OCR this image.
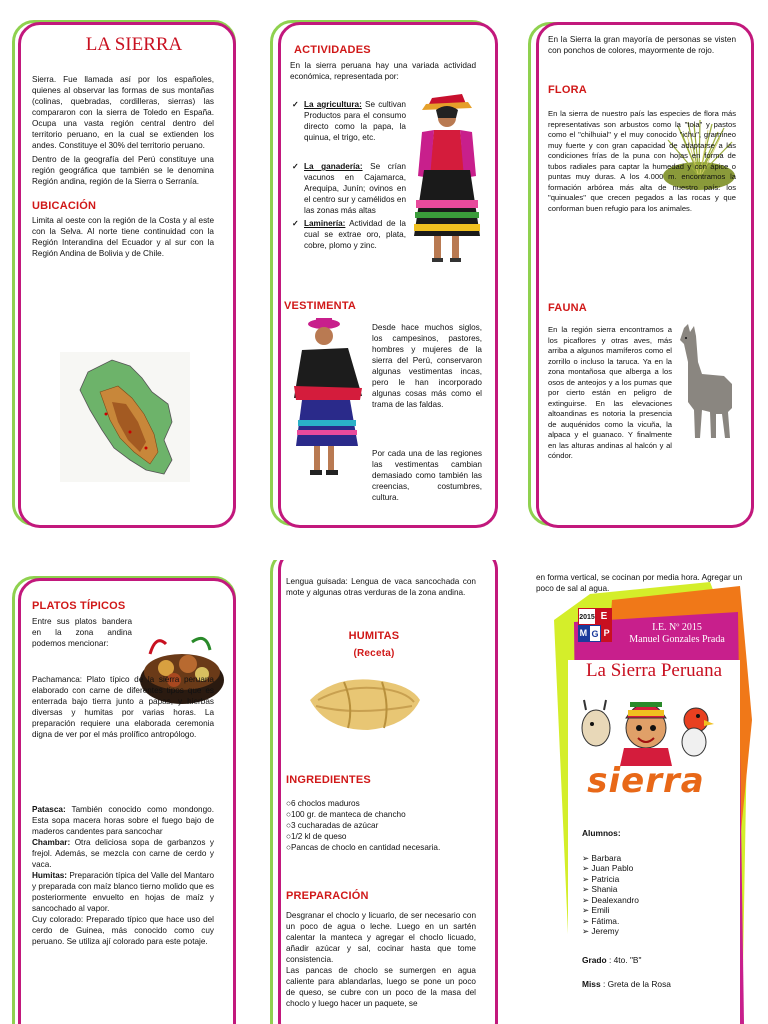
LA SIERRA

Sierra. Fue llamada así por los españoles, quienes al observar las formas de sus montañas (colinas, quebradas, cordilleras, sierras) las compararon con la sierra de Toledo en España. Ocupa una vasta región central dentro del territorio peruano, en la cual se extienden los andes. Constituye el 30% del territorio peruano.

Dentro de la geografía del Perú constituye una región geográfica que también se le denomina Región andina, región de la Sierra o Serranía.

UBICACIÓN

Limita al oeste con la región de la Costa y al este con la Selva. Al norte tiene continuidad con la Región Interandina del Ecuador y al sur con la Región Andina de Bolivia y de Chile.

ACTIVIDADES

En la sierra peruana hay una variada actividad económica, representada por:

✓ La agricultura: Se cultivan Productos para el consumo directo como la papa, la quinua, el trigo, etc.
✓ La ganadería: Se crían vacunos en Cajamarca, Arequipa, Junín; ovinos en el centro sur y camélidos en las zonas más altas
✓ Laminería: Actividad de la cual se extrae oro, plata, cobre, plomo y zinc.
VESTIMENTA

Desde hace muchos siglos, los campesinos, pastores, hombres y mujeres de la sierra del Perú, conservaron algunas vestimentas incas, pero le han incorporado algunas cosas más como el trama de las faldas.

Por cada una de las regiones las vestimentas cambian demasiado como también las creencias, costumbres, cultura.

En la Sierra la gran mayoría de personas se visten con ponchos de colores, mayormente de rojo.

FLORA

En la sierra de nuestro país las especies de flora más representativas son arbustos como la "tola" y pastos como el "chilhuial" y el muy conocido "ichu", gramíneo muy fuerte y con gran capacidad de adaptarse a las condiciones frías de la puna con hojas en forma de tubos radiales para captar la humedad y con ápice o puntas muy duras. A los 4.000 m. encontramos la formación arbórea más alta de nuestro país: los "quinuales" que crecen pegados a las rocas y que conforman buen refugio para los animales.

FAUNA

En la región sierra encontramos a los picaflores y otras aves, más arriba a algunos mamíferos como el zorrillo o incluso la taruca. Ya en la zona montañosa que alberga a los osos de anteojos y a los pumas que por cierto están en peligro de extinguirse. En las elevaciones altoandinas es notoria la presencia de auquénidos como la vicuña, la alpaca y el guanaco. Y finalmente en las alturas andinas al halcón y al cóndor.

PLATOS TÍPICOS

Entre sus platos bandera en la zona andina podemos mencionar:

Pachamanca: Plato típico de la sierra peruana elaborado con carne de diferentes tipos que es enterrada bajo tierra junto a papas, y hierbas diversas y humitas por varias horas. La preparación requiere una elaborada ceremonia digna de ver por el más prolífico antropólogo.

Patasca: También conocido como mondongo. Esta sopa macera horas sobre el fuego bajo de maderos candentes para sancochar

Chambar: Otra deliciosa sopa de garbanzos y frejol. Además, se mezcla con carne de cerdo y vaca.

Humitas: Preparación típica del Valle del Mantaro y preparada con maíz blanco tierno molido que es posteriormente envuelto en hojas de maíz y sancochado al vapor.

Cuy colorado: Preparado típico que hace uso del cerdo de Guinea, más conocido como cuy peruano. Se utiliza ají colorado para este potaje.

Lengua guisada: Lengua de vaca sancochada con mote y algunas otras verduras de la zona andina.

HUMITAS
(Receta)
INGREDIENTES
○ 6 choclos maduros
○ 100 gr. de manteca de chancho
○ 3 cucharadas de azúcar
○ 1/2 kl de queso
○ Pancas de choclo en cantidad necesaria.
PREPARACIÓN

Desgranar el choclo y licuarlo, de ser necesario con un poco de agua o leche. Luego en un sartén calentar la manteca y agregar el choclo licuado, añadir azúcar y sal, cocinar hasta que tome consistencia.

Las pancas de choclo se sumergen en agua caliente para ablandarlas, luego se pone un poco de queso, se cubre con un poco de la masa del choclo y luego hacer un paquete, se

en forma vertical, se cocinan por media hora. Agregar un poco de sal al agua.

2015 E
M G P	I.E. Nº 2015
Manuel Gonzales Prada
La Sierra Peruana
sierra
Alumnos:
➢ Barbara
➢ Juan Pablo
➢ Patricia
➢ Shania
➢ Dealexandro
➢ Emili
➢ Fátima.
➢ Jeremy
Grado : 4to. "B"
Miss : Greta de la Rosa
